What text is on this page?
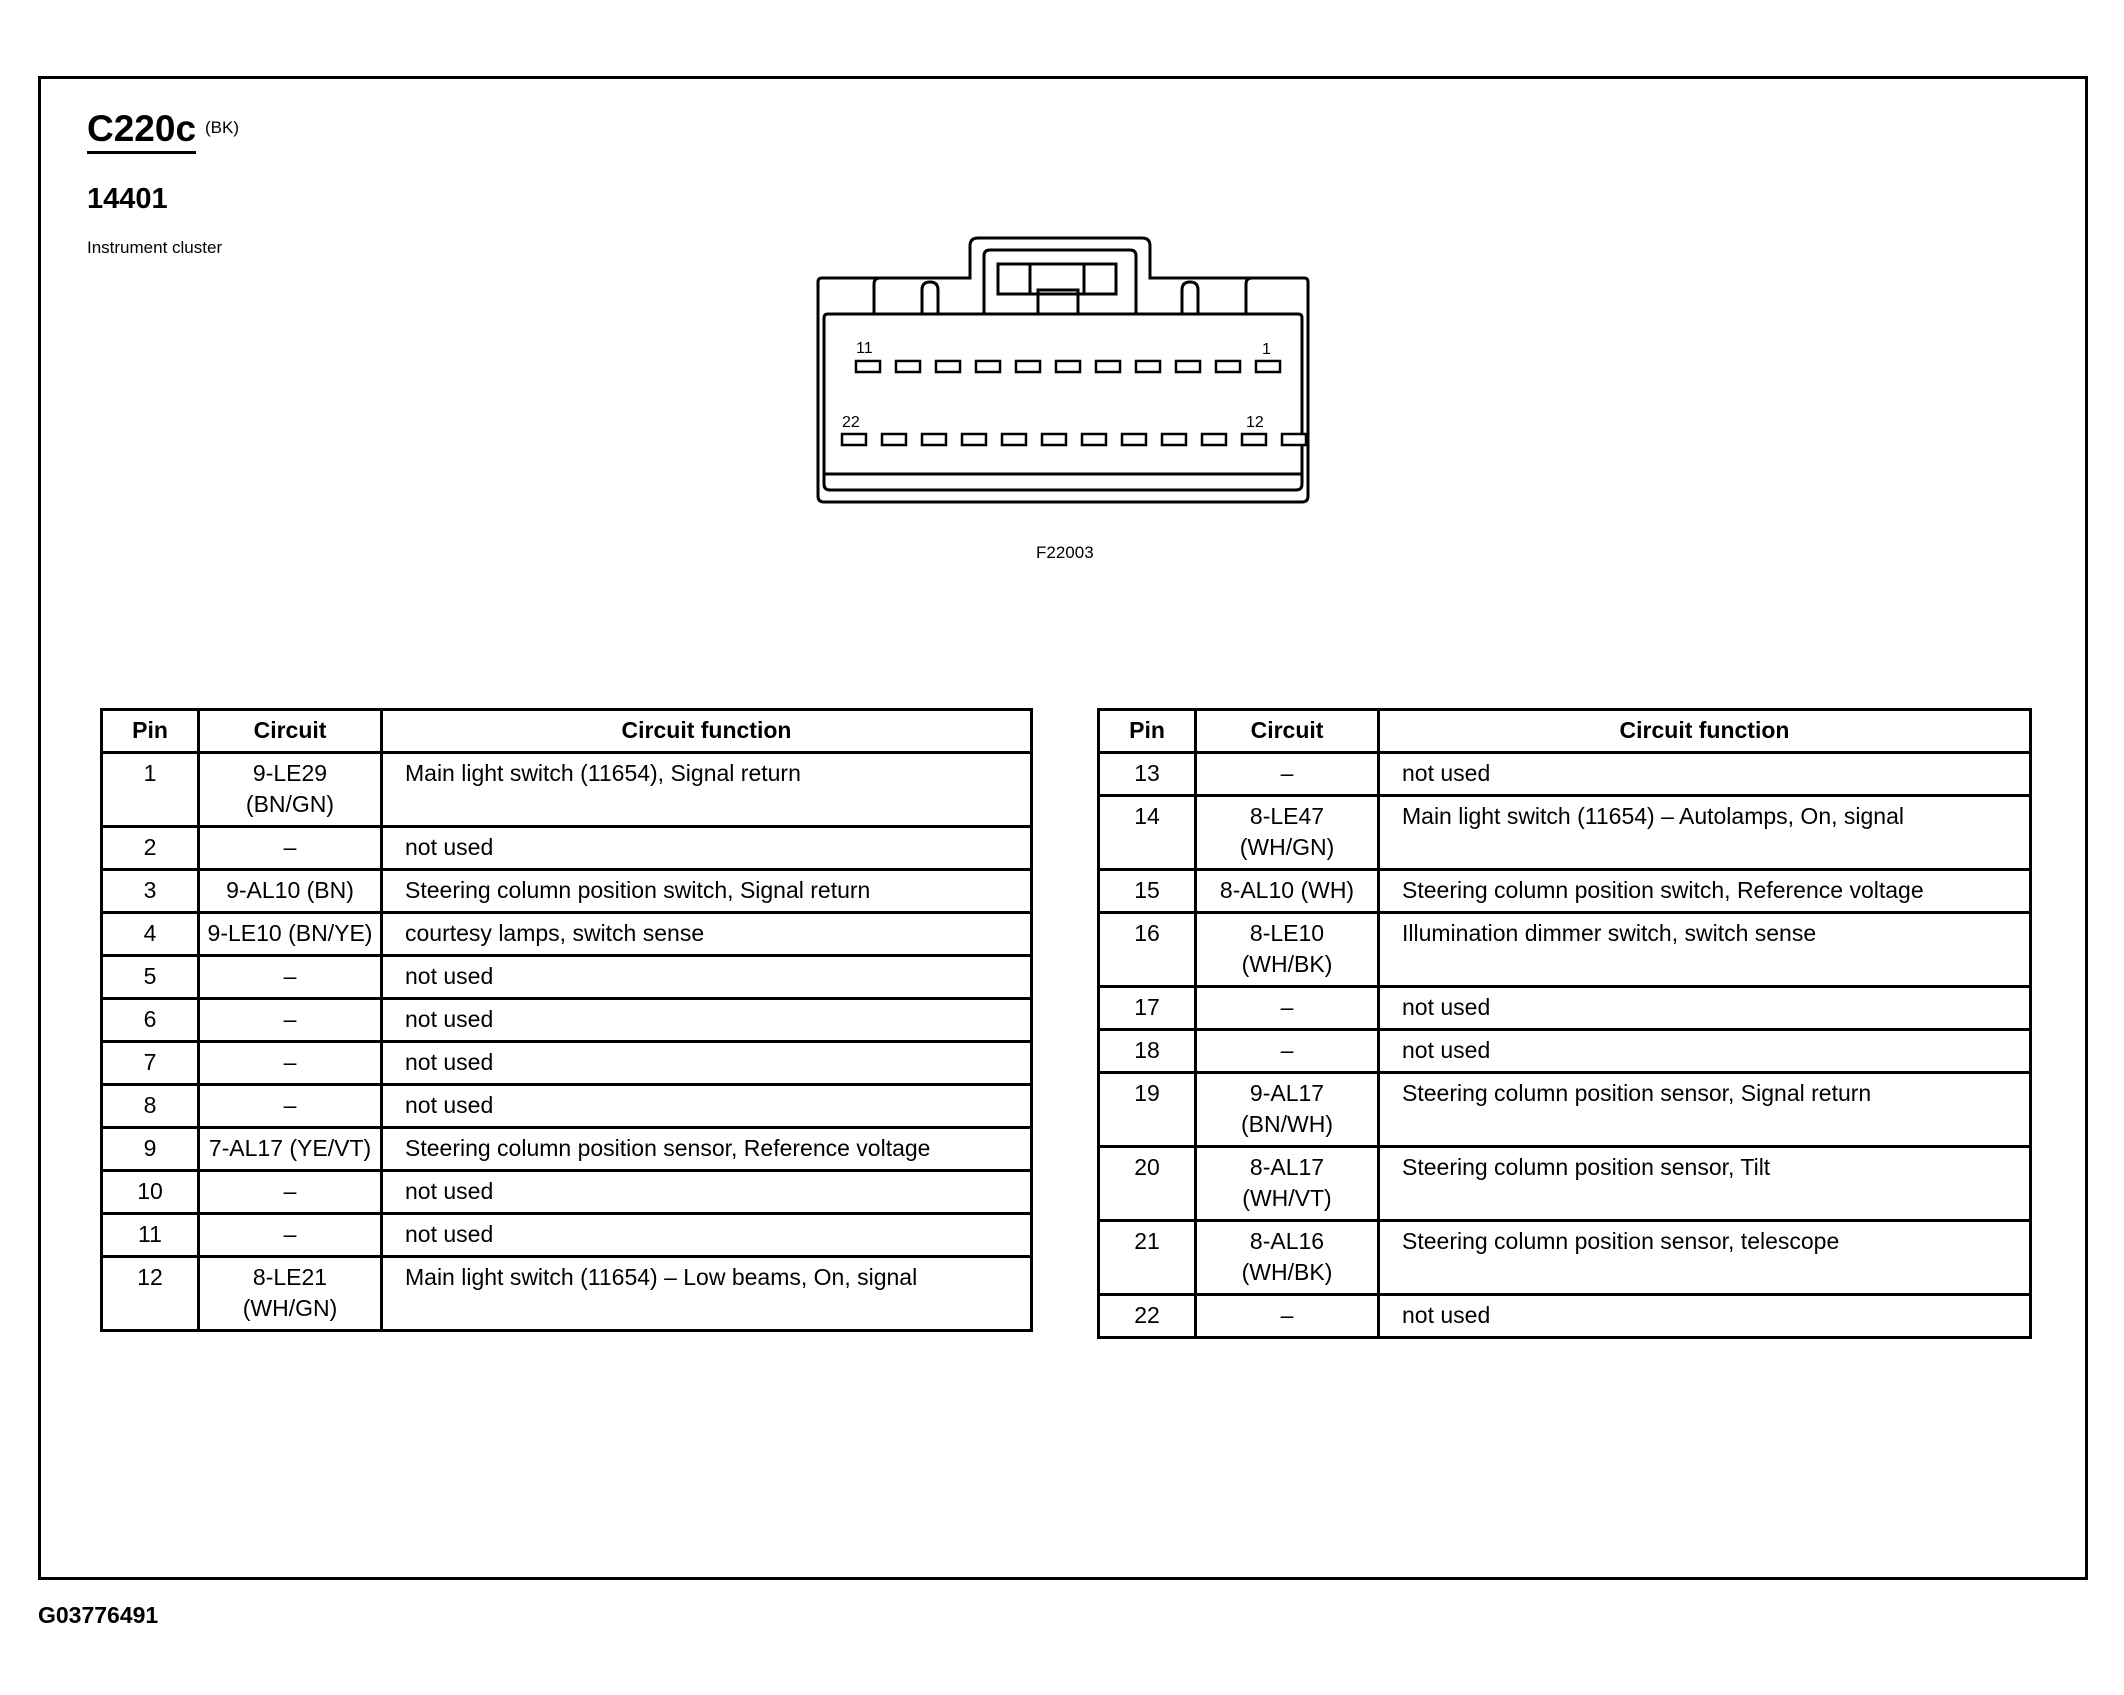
C220c (BK)
14401
Instrument cluster
11	1
22	12
F22003
Pin	Circuit	Circuit function
1	9-LE29 (BN/GN)	Main light switch (11654), Signal return
2	–	not used
3	9-AL10 (BN)	Steering column position switch, Signal return
4	9-LE10 (BN/YE)	courtesy lamps, switch sense
5	–	not used
6	–	not used
7	–	not used
8	–	not used
9	7-AL17 (YE/VT)	Steering column position sensor, Reference voltage
10	–	not used
11	–	not used
12	8-LE21 (WH/GN)	Main light switch (11654) – Low beams, On, signal
Pin	Circuit	Circuit function
13	–	not used
14	8-LE47 (WH/GN)	Main light switch (11654) – Autolamps, On, signal
15	8-AL10 (WH)	Steering column position switch, Reference voltage
16	8-LE10 (WH/BK)	Illumination dimmer switch, switch sense
17	–	not used
18	–	not used
19	9-AL17 (BN/WH)	Steering column position sensor, Signal return
20	8-AL17 (WH/VT)	Steering column position sensor, Tilt
21	8-AL16 (WH/BK)	Steering column position sensor, telescope
22	–	not used
G03776491
